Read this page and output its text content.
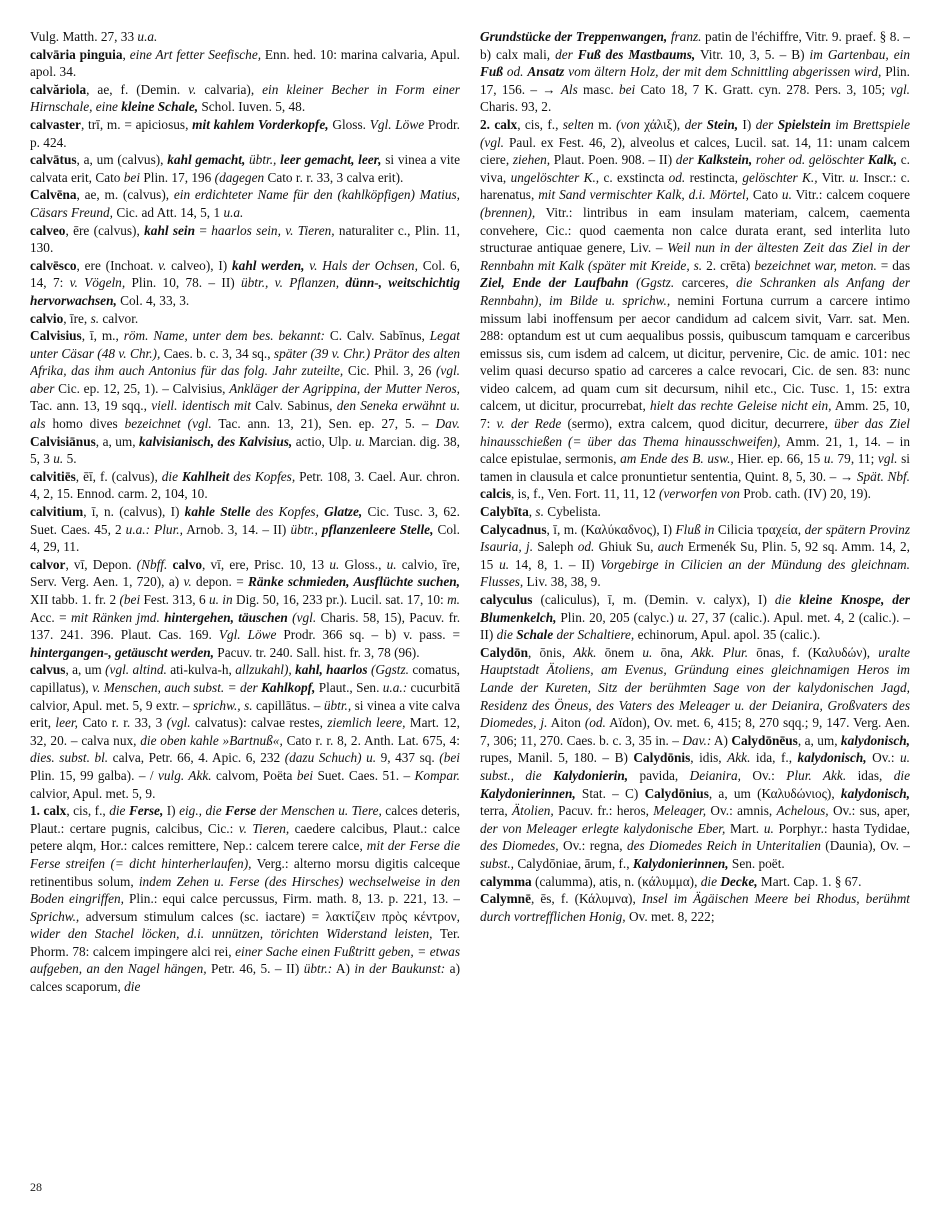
Vulg. Matth. 27, 33 u.a.

calvāria pinguia, eine Art fetter Seefische, Enn. hed. 10: marina calvaria, Apul. apol. 34.

calvăriola, ae, f. (Demin. v. calvaria), ein kleiner Becher in Form einer Hirnschale, eine kleine Schale, Schol. Iuven. 5, 48.

calvaster, trī, m. = apiciosus, mit kahlem Vorderkopfe, Gloss. Vgl. Löwe Prodr. p. 424.

calvātus, a, um (calvus), kahl gemacht, übtr., leer gemacht, leer, si vinea a vite calvata erit, Cato bei Plin. 17, 196 (dagegen Cato r. r. 33, 3 calva erit).

Calvēna, ae, m. (calvus), ein erdichteter Name für den (kahlköpfigen) Matius, Cäsars Freund, Cic. ad Att. 14, 5, 1 u.a.

calveo, ēre (calvus), kahl sein = haarlos sein, v. Tieren, naturaliter c., Plin. 11, 130.

calvēsco, ere (Inchoat. v. calveo), I) kahl werden, v. Hals der Ochsen, Col. 6, 14, 7: v. Vögeln, Plin. 10, 78. – II) übtr., v. Pflanzen, dünn-, weitschichtig hervorwachsen, Col. 4, 33, 3.

calvio, īre, s. calvor.

Calvisius, ī, m., röm. Name, unter dem bes. bekannt: C. Calv. Sabīnus, Legat unter Cäsar (48 v. Chr.), Caes. b. c. 3, 34 sq., später (39 v. Chr.) Prätor des alten Afrika, das ihm auch Antonius für das folg. Jahr zuteilte, Cic. Phil. 3, 26 (vgl. aber Cic. ep. 12, 25, 1). – Calvisius, Ankläger der Agrippina, der Mutter Neros, Tac. ann. 13, 19 sqq., viell. identisch mit Calv. Sabinus, den Seneka erwähnt u. als homo dives bezeichnet (vgl. Tac. ann. 13, 21), Sen. ep. 27, 5. – Dav. Calvisiānus, a, um, kalvisianisch, des Kalvisius, actio, Ulp. u. Marcian. dig. 38, 5, 3 u. 5.

calvitiēs, ēī, f. (calvus), die Kahlheit des Kopfes, Petr. 108, 3. Cael. Aur. chron. 4, 2, 15. Ennod. carm. 2, 104, 10.

calvitium, ī, n. (calvus), I) kahle Stelle des Kopfes, Glatze, Cic. Tusc. 3, 62. Suet. Caes. 45, 2 u.a.: Plur., Arnob. 3, 14. – II) übtr., pflanzenleere Stelle, Col. 4, 29, 11.

calvor, vī, Depon. (Nbff. calvo, vī, ere, Prisc. 10, 13 u. Gloss., u. calvio, īre, Serv. Verg. Aen. 1, 720), a) v. depon. = Ränke schmieden, Ausflüchte suchen, XII tabb. 1. fr. 2 (bei Fest. 313, 6 u. in Dig. 50, 16, 233 pr.). Lucil. sat. 17, 10: m. Acc. = mit Ränken jmd. hintergehen, täuschen (vgl. Charis. 58, 15), Pacuv. fr. 137. 241. 396. Plaut. Cas. 169. Vgl. Löwe Prodr. 366 sq. – b) v. pass. = hintergangen-, getäuscht werden, Pacuv. tr. 240. Sall. hist. fr. 3, 78 (96).

calvus, a, um (vgl. altind. ati-kulva-h, allzukahl), kahl, haarlos (Ggstz. comatus, capillatus), v. Menschen, auch subst. = der Kahlkopf, Plaut., Sen. u.a.: cucurbitā calvior, Apul. met. 5, 9 extr. – sprichw., s. capillātus. – übtr., si vinea a vite calva erit, leer, Cato r. r. 33, 3 (vgl. calvatus): calvae restes, ziemlich leere, Mart. 12, 32, 20. – calva nux, die oben kahle »Bartnuß«, Cato r. r. 8, 2. Anth. Lat. 675, 4: dies. subst. bl. calva, Petr. 66, 4. Apic. 6, 232 (dazu Schuch) u. 9, 437 sq. (bei Plin. 15, 99 galba). – / vulg. Akk. calvom, Poëta bei Suet. Caes. 51. – Kompar. calvior, Apul. met. 5, 9.

1. calx, cis, f., die Ferse, I) eig., die Ferse der Menschen u. Tiere, calces deteris, Plaut.: certare pugnis, calcibus, Cic.: v. Tieren, caedere calcibus, Plaut.: calce petere alqm, Hor.: calces remittere, Nep.: calcem terere calce, mit der Ferse die Ferse streifen (= dicht hinterherlaufen), Verg.: alterno morsu digitis calceque retinentibus solum, indem Zehen u. Ferse (des Hirsches) wechselweise in den Boden eingriffen, Plin.: equi calce percussus, Firm. math. 8, 13. p. 221, 13. – Sprichw., adversum stimulum calces (sc. iactare) = λακτίζειν πρὸς κέντρον, wider den Stachel löcken, d.i. unnützen, törichten Widerstand leisten, Ter. Phorm. 78: calcem impingere alci rei, einer Sache einen Fußtritt geben, = etwas aufgeben, an den Nagel hängen, Petr. 46, 5. – II) übtr.: A) in der Baukunst: a) calces scaporum, die

Grundstücke der Treppenwangen, franz. patin de l'échiffre, Vitr. 9. praef. § 8. – b) calx mali, der Fuß des Mastbaums, Vitr. 10, 3, 5. – B) im Gartenbau, ein Fuß od. Ansatz vom ältern Holz, der mit dem Schnittling abgerissen wird, Plin. 17, 156. – → Als masc. bei Cato 18, 7 K. Gratt. cyn. 278. Pers. 3, 105; vgl. Charis. 93, 2.

2. calx, cis, f., selten m. (von χάλιξ), der Stein, I) der Spielstein im Brettspiele (vgl. Paul. ex Fest. 46, 2), alveolus et calces, Lucil. sat. 14, 11: unam calcem ciere, ziehen, Plaut. Poen. 908. – II) der Kalkstein, roher od. gelöschter Kalk, c. viva, ungelöschter K., c. exstincta od. restincta, gelöschter K., Vitr. u. Inscr.: c. harenatus, mit Sand vermischter Kalk, d.i. Mörtel, Cato u. Vitr.: calcem coquere (brennen), Vitr.: lintribus in eam insulam materiam, calcem, caementa convehere, Cic.: quod caementa non calce durata erant, sed interlita luto structurae antiquae genere, Liv. – Weil nun in der ältesten Zeit das Ziel in der Rennbahn mit Kalk (später mit Kreide, s. 2. crēta) bezeichnet war, meton. = das Ziel, Ende der Laufbahn (Ggstz. carceres, die Schranken als Anfang der Rennbahn), im Bilde u. sprichw., nemini Fortuna currum a carcere intimo missum labi inoffensum per aecor candidum ad calcem sivit, Varr. sat. Men. 288: optandum est ut cum aequalibus possis, quibuscum tamquam e carceribus emissus sis, cum isdem ad calcem, ut dicitur, pervenire, Cic. de amic. 101: nec velim quasi decurso spatio ad carceres a calce revocari, Cic. de sen. 83: nunc video calcem, ad quam cum sit decursum, nihil etc., Cic. Tusc. 1, 15: extra calcem, ut dicitur, procurrebat, hielt das rechte Geleise nicht ein, Amm. 25, 10, 7: v. der Rede (sermo), extra calcem, quod dicitur, decurrere, über das Ziel hinausschießen (= über das Thema hinausschweifen), Amm. 21, 1, 14. – in calce epistulae, sermonis, am Ende des B. usw., Hier. ep. 66, 15 u. 79, 11; vgl. si tamen in clausula et calce pronuntietur sententia, Quint. 8, 5, 30. – → Spät. Nbf. calcis, is, f., Ven. Fort. 11, 11, 12 (verworfen von Prob. cath. (IV) 20, 19).

Calybīta, s. Cybelista.

Calycadnus, ī, m. (Καλύκαδνος), I) Fluß in Cilicia τραχεία, der spätern Provinz Isauria, j. Saleph od. Ghiuk Su, auch Ermenék Su, Plin. 5, 92 sq. Amm. 14, 2, 15 u. 14, 8, 1. – II) Vorgebirge in Cilicien an der Mündung des gleichnam. Flusses, Liv. 38, 38, 9.

calyculus (caliculus), ī, m. (Demin. v. calyx), I) die kleine Knospe, der Blumenkelch, Plin. 20, 205 (calyc.) u. 27, 37 (calic.). Apul. met. 4, 2 (calic.). – II) die Schale der Schaltiere, echinorum, Apul. apol. 35 (calic.).

Calydōn, ōnis, Akk. ōnem u. ōna, Akk. Plur. ōnas, f. (Καλυδών), uralte Hauptstadt Ätoliens, am Evenus, Gründung eines gleichnamigen Heros im Lande der Kureten, Sitz der berühmten Sage von der kalydonischen Jagd, Residenz des Öneus, des Vaters des Meleager u. der Deianira, Großvaters des Diomedes, j. Aiton (od. Aïdon), Ov. met. 6, 415; 8, 270 sqq.; 9, 147. Verg. Aen. 7, 306; 11, 270. Caes. b. c. 3, 35 in. – Dav.: A) Calydōnēus, a, um, kalydonisch, rupes, Manil. 5, 180. – B) Calydōnis, idis, Akk. ida, f., kalydonisch, Ov.: u. subst., die Kalydonierin, pavida, Deianira, Ov.: Plur. Akk. idas, die Kalydonierinnen, Stat. – C) Calydōnius, a, um (Καλυδώνιος), kalydonisch, terra, Ätolien, Pacuv. fr.: heros, Meleager, Ov.: amnis, Achelous, Ov.: sus, aper, der von Meleager erlegte kalydonische Eber, Mart. u. Porphyr.: hasta Tydidae, des Diomedes, Ov.: regna, des Diomedes Reich in Unteritalien (Daunia), Ov. – subst., Calydōniae, ārum, f., Kalydonierinnen, Sen. poët.

calymma (calumma), atis, n. (κάλυμμα), die Decke, Mart. Cap. 1. § 67.

Calymnē, ēs, f. (Κάλυμνα), Insel im Ägäischen Meere bei Rhodus, berühmt durch vortrefflichen Honig, Ov. met. 8, 222;

28
